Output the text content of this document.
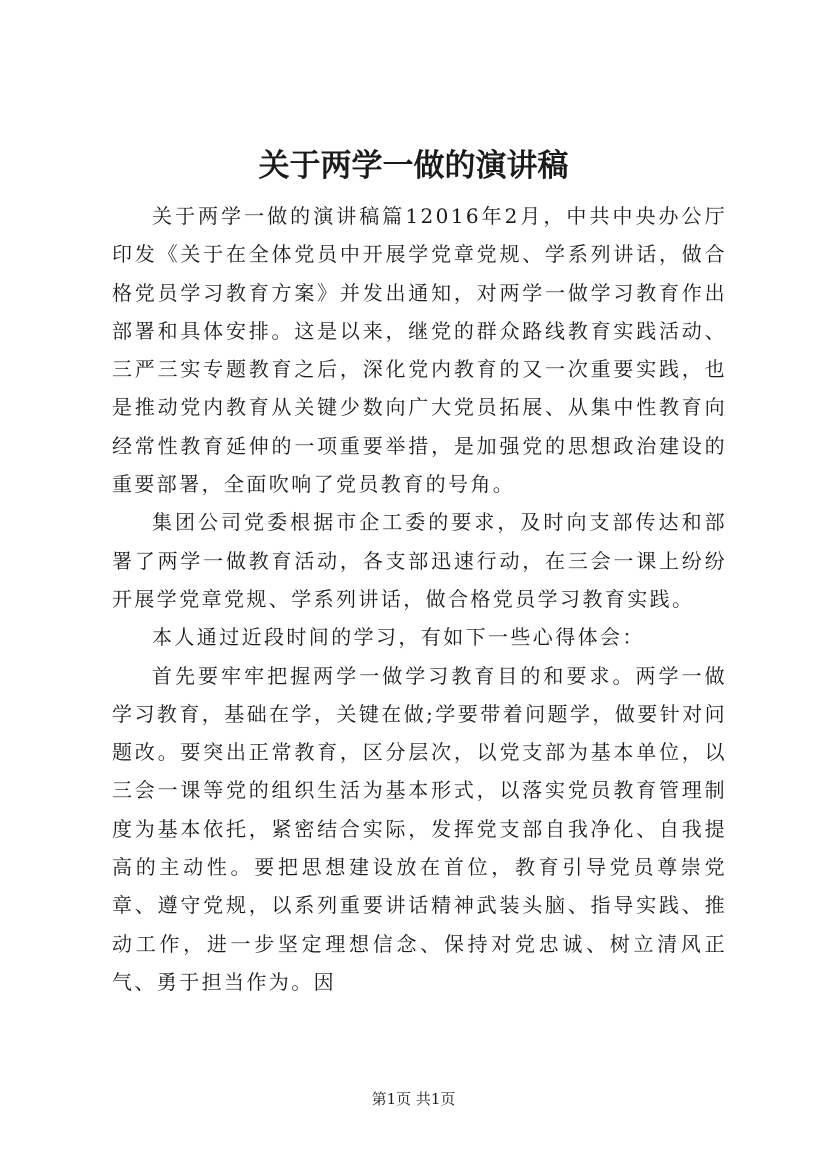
关于两学一做的演讲稿

关于两学一做的演讲稿篇12016年2月，中共中央办公厅印发《关于在全体党员中开展学党章党规、学系列讲话，做合格党员学习教育方案》并发出通知，对两学一做学习教育作出部署和具体安排。这是以来，继党的群众路线教育实践活动、三严三实专题教育之后，深化党内教育的又一次重要实践，也是推动党内教育从关键少数向广大党员拓展、从集中性教育向经常性教育延伸的一项重要举措，是加强党的思想政治建设的重要部署，全面吹响了党员教育的号角。

集团公司党委根据市企工委的要求，及时向支部传达和部署了两学一做教育活动，各支部迅速行动，在三会一课上纷纷开展学党章党规、学系列讲话，做合格党员学习教育实践。

本人通过近段时间的学习，有如下一些心得体会：

首先要牢牢把握两学一做学习教育目的和要求。两学一做学习教育，基础在学，关键在做;学要带着问题学，做要针对问题改。要突出正常教育，区分层次，以党支部为基本单位，以三会一课等党的组织生活为基本形式，以落实党员教育管理制度为基本依托，紧密结合实际，发挥党支部自我净化、自我提高的主动性。要把思想建设放在首位，教育引导党员尊崇党章、遵守党规，以系列重要讲话精神武装头脑、指导实践、推动工作，进一步坚定理想信念、保持对党忠诚、树立清风正气、勇于担当作为。因

第1页 共1页
